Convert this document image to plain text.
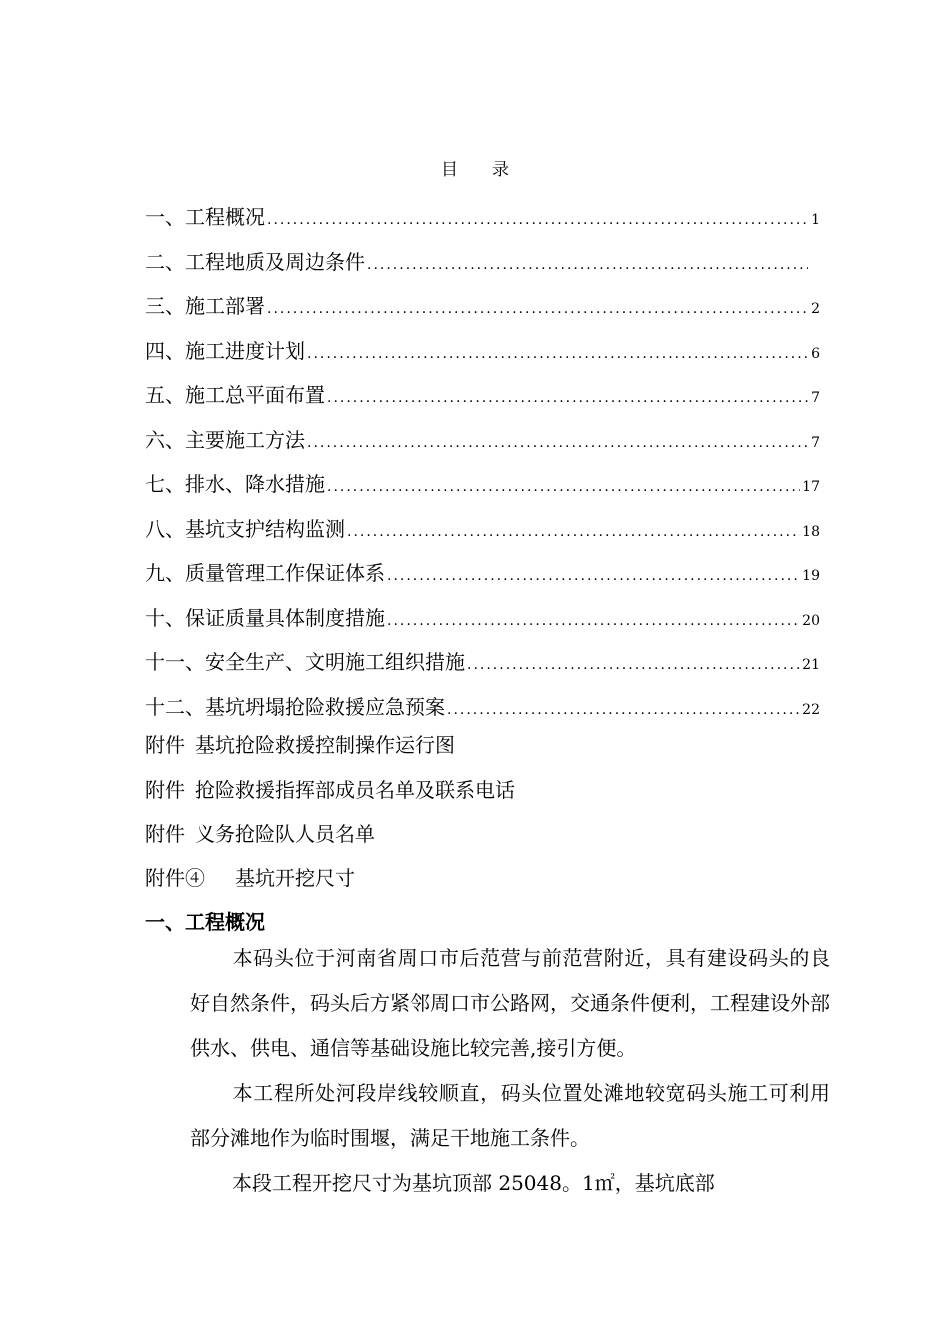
目 录
一、工程概况 .....	1
二、工程地质及周边条件
.....
三、施工部署 .....	2
四、施工进度计划 .....	6
五、施工总平面布置 .....	7
六、主要施工方法 .....	7
七、排水、降水措施 .....	17
八、基坑支护结构监测 .....	18
九、质量管理工作保证体系 .....	19
十、保证质量具体制度措施 .....	20
十一、安全生产、文明施工组织措施 .....	21
十二、基坑坍塌抢险救援应急预案 .....	22
附件 基坑抢险救援控制操作运行图
附件 抢险救援指挥部成员名单及联系电话
附件 义务抢险队人员名单
附件④ 基坑开挖尺寸
一、工程概况

本码头位于河南省周口市后范营与前范营附近，具有建设码头的良好自然条件，码头后方紧邻周口市公路网，交通条件便利，工程建设外部供水、供电、通信等基础设施比较完善,接引方便。

本工程所处河段岸线较顺直，码头位置处滩地较宽码头施工可利用部分滩地作为临时围堰，满足干地施工条件。

本段工程开挖尺寸为基坑顶部 25048。1㎡，基坑底部
